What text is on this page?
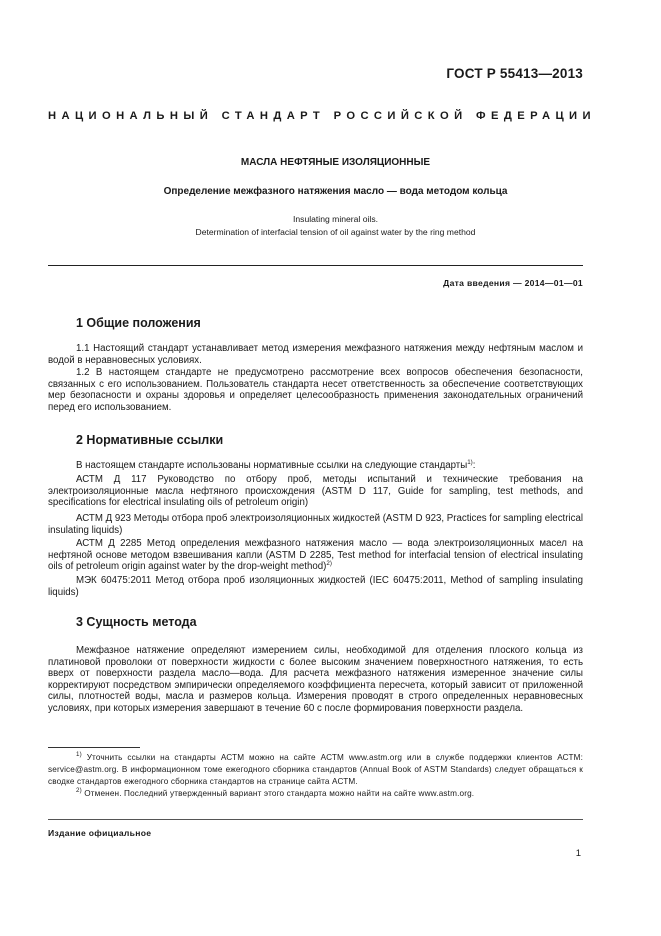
ГОСТ Р 55413—2013
НАЦИОНАЛЬНЫЙ СТАНДАРТ РОССИЙСКОЙ ФЕДЕРАЦИИ
МАСЛА НЕФТЯНЫЕ ИЗОЛЯЦИОННЫЕ
Определение межфазного натяжения масло — вода методом кольца
Insulating mineral oils.
Determination of interfacial tension of oil against water by the ring method
Дата введения — 2014—01—01
1 Общие положения

1.1 Настоящий стандарт устанавливает метод измерения межфазного натяжения между нефтяным маслом и водой в неравновесных условиях.

1.2 В настоящем стандарте не предусмотрено рассмотрение всех вопросов обеспечения безопасности, связанных с его использованием. Пользователь стандарта несет ответственность за обеспечение соответствующих мер безопасности и охраны здоровья и определяет целесообразность применения законодательных ограничений перед его использованием.

2 Нормативные ссылки

В настоящем стандарте использованы нормативные ссылки на следующие стандарты$^{1)}$:

АСТМ Д 117 Руководство по отбору проб, методы испытаний и технические требования на электроизоляционные масла нефтяного происхождения (ASTM D 117, Guide for sampling, test methods, and specifications for electrical insulating oils of petroleum origin)

АСТМ Д 923 Методы отбора проб электроизоляционных жидкостей (ASTM D 923, Practices for sampling electrical insulating liquids)

АСТМ Д 2285 Метод определения межфазного натяжения масло — вода электроизоляционных масел на нефтяной основе методом взвешивания капли (ASTM D 2285, Test method for interfacial tension of electrical insulating oils of petroleum origin against water by the drop-weight method)$^{2)}$

МЭК 60475:2011 Метод отбора проб изоляционных жидкостей (IEC 60475:2011, Method of sampling insulating liquids)

3 Сущность метода

Межфазное натяжение определяют измерением силы, необходимой для отделения плоского кольца из платиновой проволоки от поверхности жидкости с более высоким значением поверхностного натяжения, то есть вверх от поверхности раздела масло—вода. Для расчета межфазного натяжения измеренное значение силы корректируют посредством эмпирически определяемого коэффициента пересчета, который зависит от приложенной силы, плотностей воды, масла и размеров кольца. Измерения проводят в строго определенных неравновесных условиях, при которых измерения завершают в течение 60 с после формирования поверхности раздела.

$^{1)}$ Уточнить ссылки на стандарты АСТМ можно на сайте АСТМ www.astm.org или в службе поддержки клиентов АСТМ: service@astm.org. В информационном томе ежегодного сборника стандартов (Annual Book of ASTM Standards) следует обращаться к сводке стандартов ежегодного сборника стандартов на странице сайта АСТМ.

$^{2)}$ Отменен. Последний утвержденный вариант этого стандарта можно найти на сайте www.astm.org.

Издание официальное
1
